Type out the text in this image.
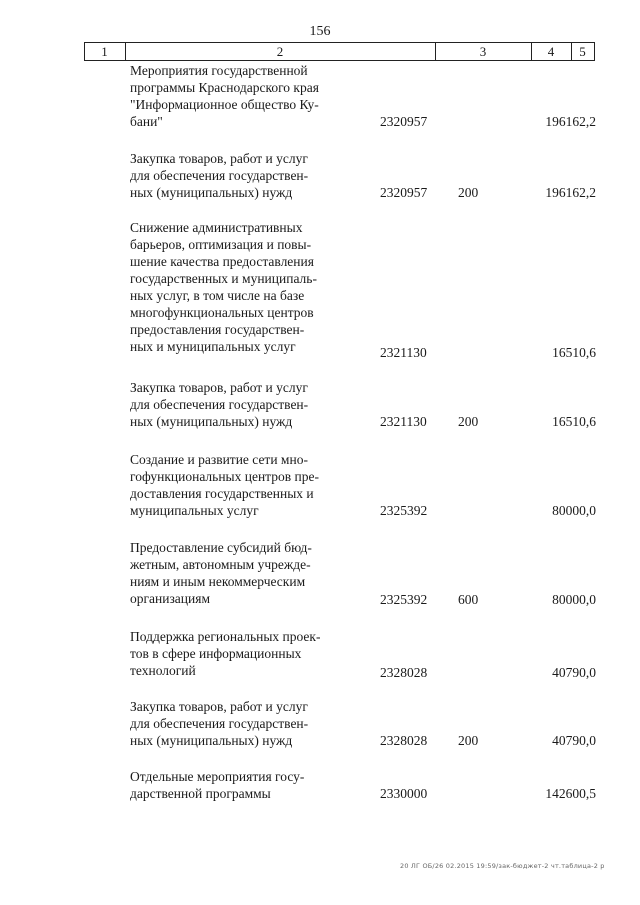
156
1	2	3	4	5
Мероприятия государственной
программы Краснодарского края
"Информационное общество Ку-
бани"	2320957	196162,2
Закупка товаров, работ и услуг
для обеспечения государствен-
ных (муниципальных) нужд	2320957 200	196162,2
Снижение административных
барьеров, оптимизация и повы-
шение качества предоставления
государственных и муниципаль-
ных услуг, в том числе на базе
многофункциональных центров
предоставления государствен-
ных и муниципальных услуг	2321130	16510,6
Закупка товаров, работ и услуг
для обеспечения государствен-
ных (муниципальных) нужд	2321130 200	16510,6
Создание и развитие сети мно-
гофункциональных центров пре-
доставления государственных и
муниципальных услуг	2325392	80000,0
Предоставление субсидий бюд-
жетным, автономным учрежде-
ниям и иным некоммерческим
организациям	2325392 600	80000,0
Поддержка региональных проек-
тов в сфере информационных
технологий	2328028	40790,0
Закупка товаров, работ и услуг
для обеспечения государствен-
ных (муниципальных) нужд	2328028 200	40790,0
Отдельные мероприятия госу-
дарственной программы	2330000	142600,5
20 ЛГ ОБ/26 02.2015 19:59/зак-бюджет-2 чт.таблица-2 р
